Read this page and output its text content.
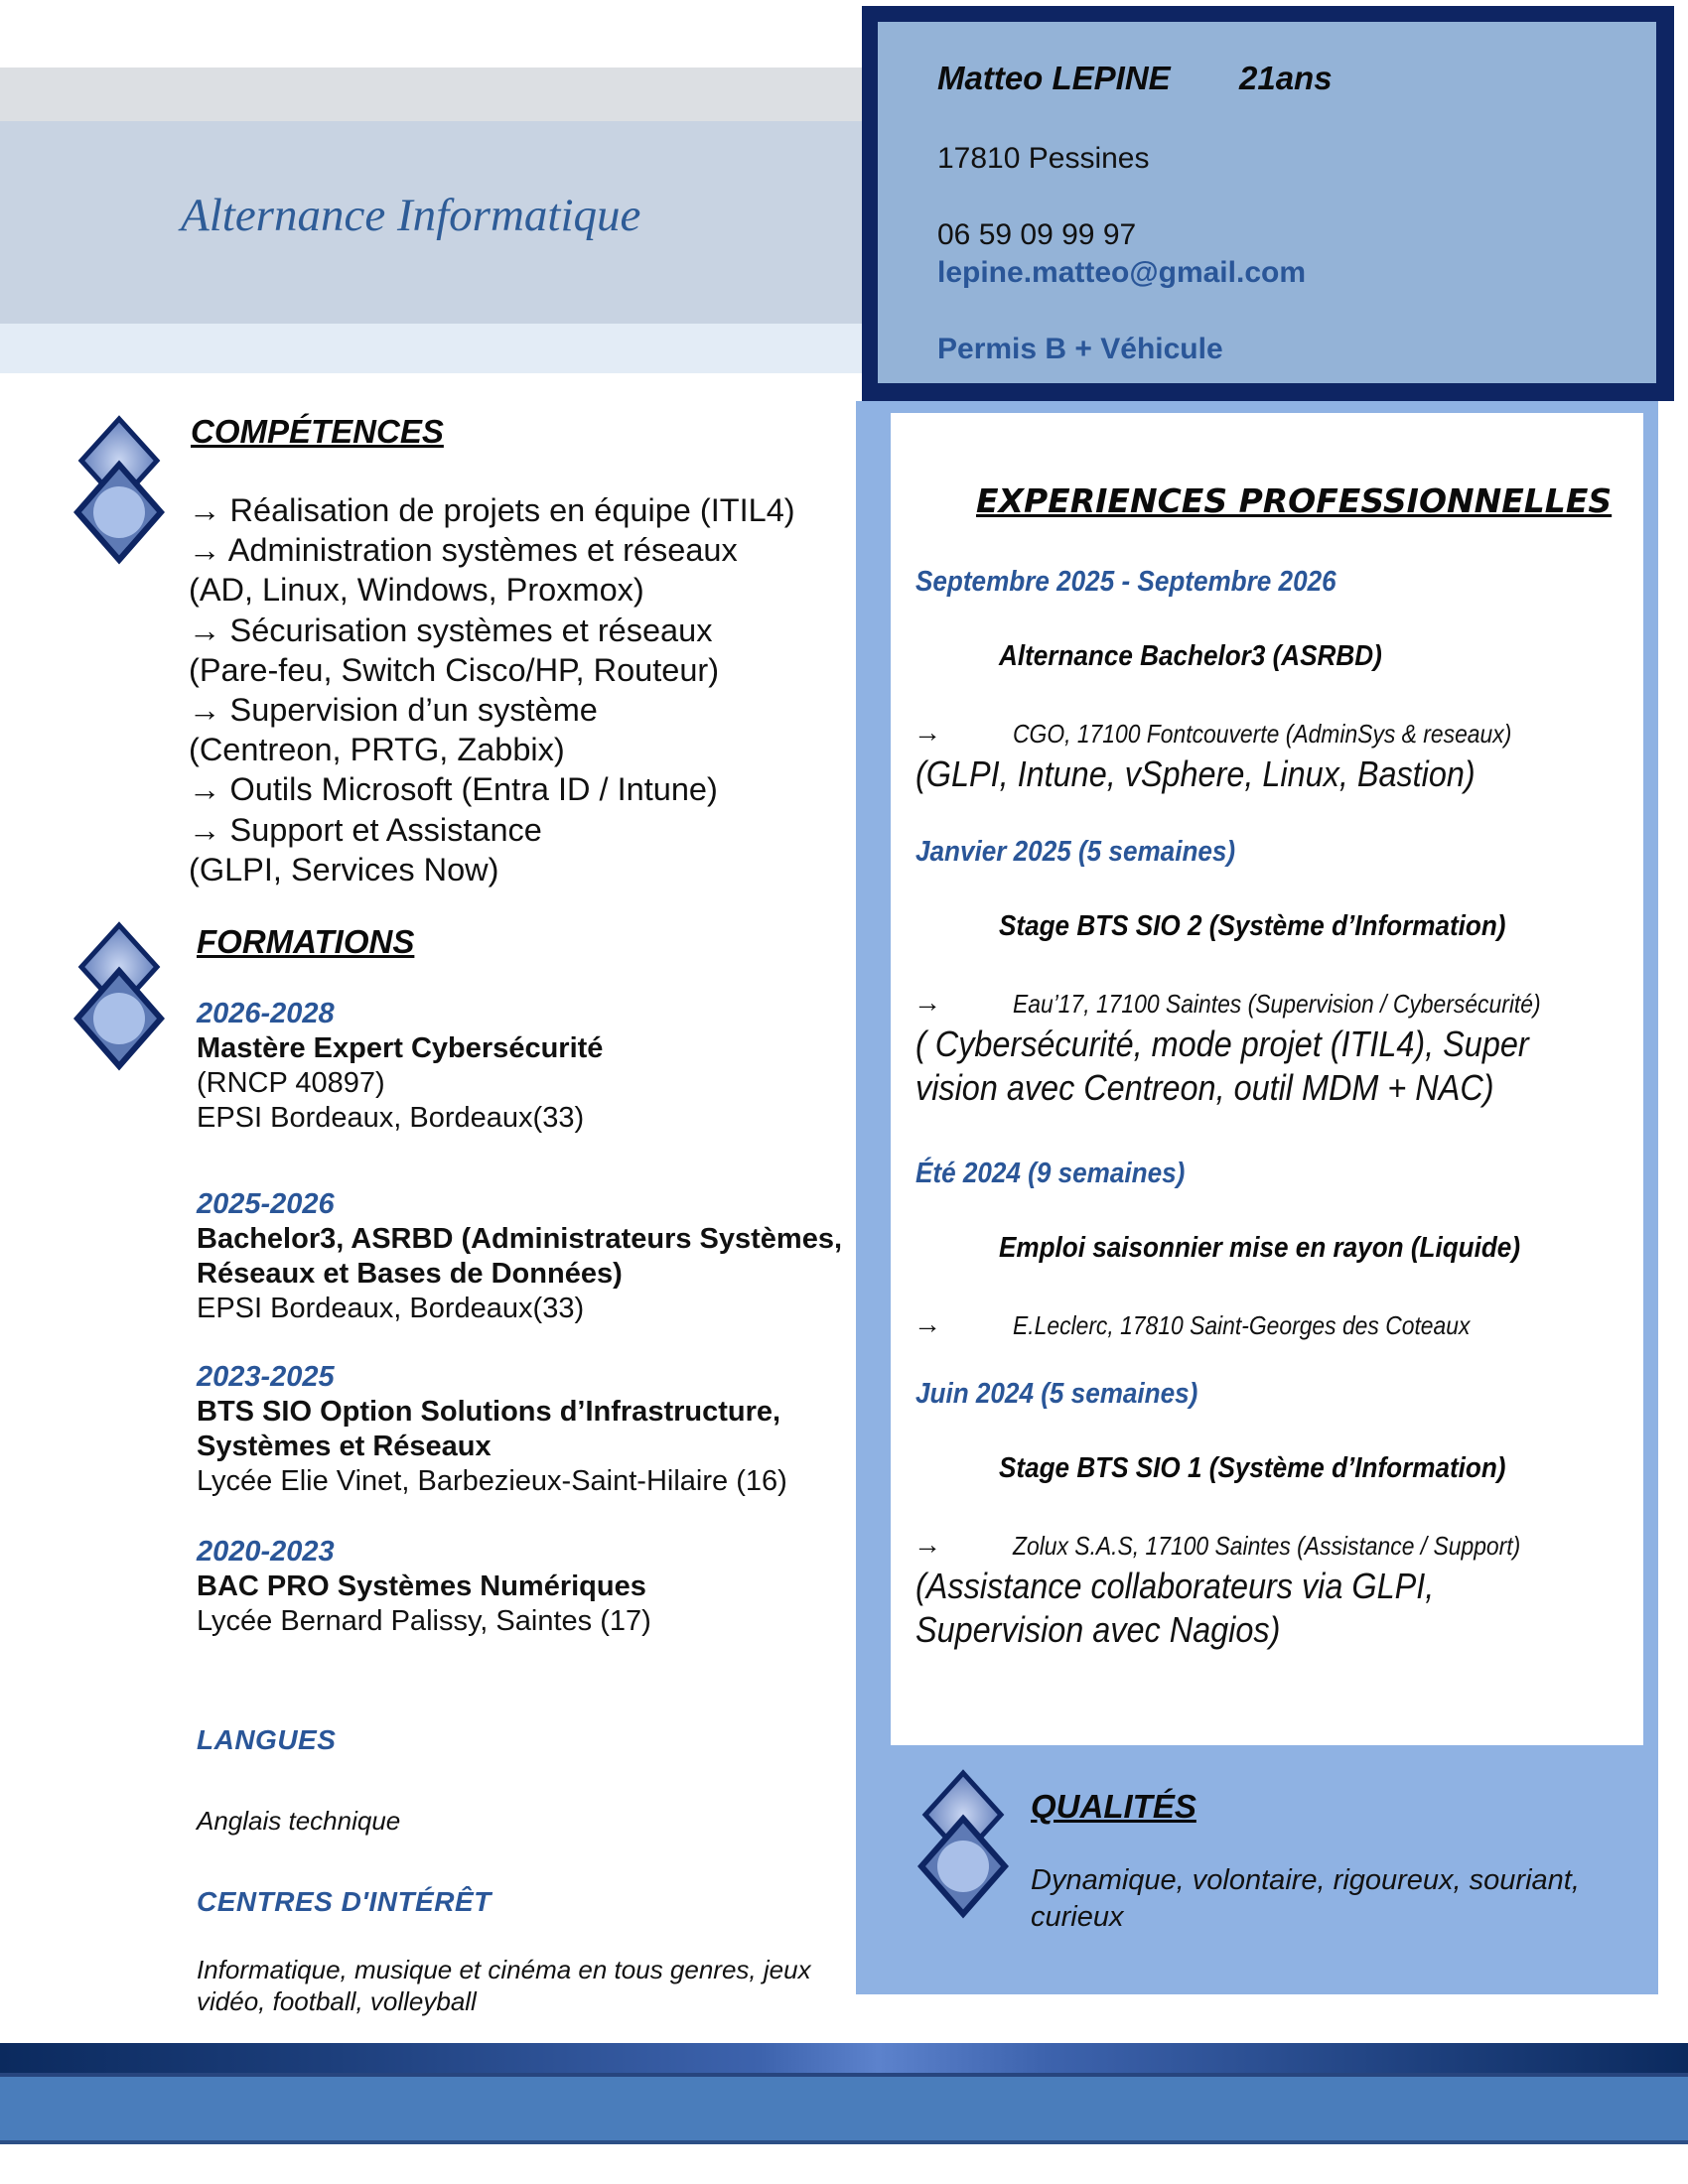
Alternance Informatique
Matteo LEPINE 21ans
17810 Pessines
06 59 09 99 97
lepine.matteo@gmail.com
Permis B + Véhicule
COMPÉTENCES
→ Réalisation de projets en équipe (ITIL4)
→ Administration systèmes et réseaux
(AD, Linux, Windows, Proxmox)
→ Sécurisation systèmes et réseaux
(Pare-feu, Switch Cisco/HP, Routeur)
→ Supervision d’un système
(Centreon, PRTG, Zabbix)
→ Outils Microsoft (Entra ID / Intune)
→ Support et Assistance
(GLPI, Services Now)
FORMATIONS
2026-2028
Mastère Expert Cybersécurité
(RNCP 40897)
EPSI Bordeaux, Bordeaux(33)
2025-2026
Bachelor3, ASRBD (Administrateurs Systèmes, Réseaux et Bases de Données)
EPSI Bordeaux, Bordeaux(33)
2023-2025
BTS SIO Option Solutions d’Infrastructure, Systèmes et Réseaux
Lycée Elie Vinet, Barbezieux-Saint-Hilaire (16)
2020-2023
BAC PRO Systèmes Numériques
Lycée Bernard Palissy, Saintes (17)
LANGUES
Anglais technique
CENTRES D'INTÉRÊT
Informatique, musique et cinéma en tous genres, jeux vidéo, football, volleyball
EXPERIENCES PROFESSIONNELLES
Septembre 2025 - Septembre 2026
Alternance Bachelor3 (ASRBD)
→	CGO, 17100 Fontcouverte (AdminSys & reseaux)
(GLPI, Intune, vSphere, Linux, Bastion)
Janvier 2025 (5 semaines)
Stage BTS SIO 2 (Système d’Information)
→	Eau’17, 17100 Saintes (Supervision / Cybersécurité)
( Cybersécurité, mode projet (ITIL4), Super vision avec Centreon, outil MDM + NAC)
Été 2024 (9 semaines)
Emploi saisonnier mise en rayon (Liquide)
→	E.Leclerc, 17810 Saint-Georges des Coteaux
Juin 2024 (5 semaines)
Stage BTS SIO 1 (Système d’Information)
→	Zolux S.A.S, 17100 Saintes (Assistance / Support)
(Assistance collaborateurs via GLPI, Supervision avec Nagios)
QUALITÉS
Dynamique, volontaire, rigoureux, souriant, curieux
